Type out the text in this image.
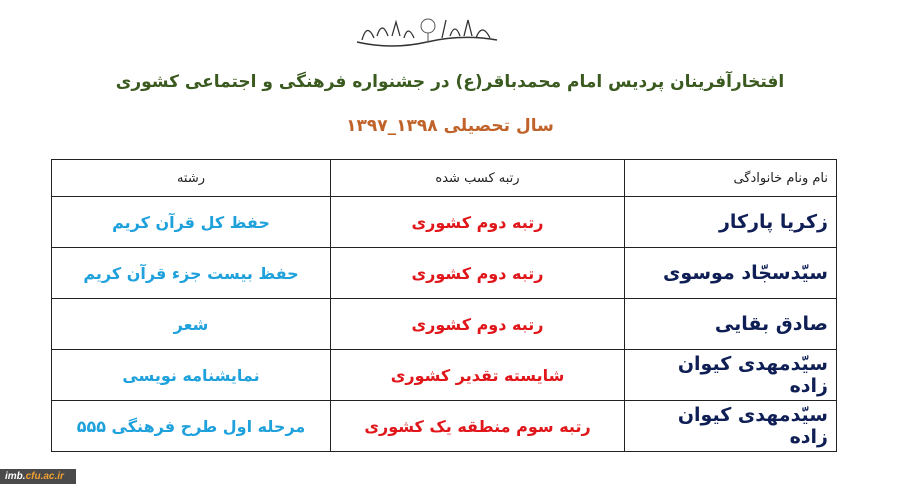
افتخارآفرینان پردیس امام محمدباقر(ع) در جشنواره فرهنگی و اجتماعی کشوری
سال تحصیلی ۱۳۹۸_۱۳۹۷
نام ونام خانوادگی	رتبه کسب شده	رشته
زکریا پارکار	رتبه دوم کشوری	حفظ کل قرآن کریم
سیّدسجّاد موسوی	رتبه دوم کشوری	حفظ بیست جزء قرآن کریم
صادق بقایی	رتبه دوم کشوری	شعر
سیّدمهدی کیوان زاده	شایسته تقدیر کشوری	نمایشنامه نویسی
سیّدمهدی کیوان زاده	رتبه سوم منطقه یک کشوری	مرحله اول طرح فرهنگی ۵۵۵
imb.cfu.ac.ir
